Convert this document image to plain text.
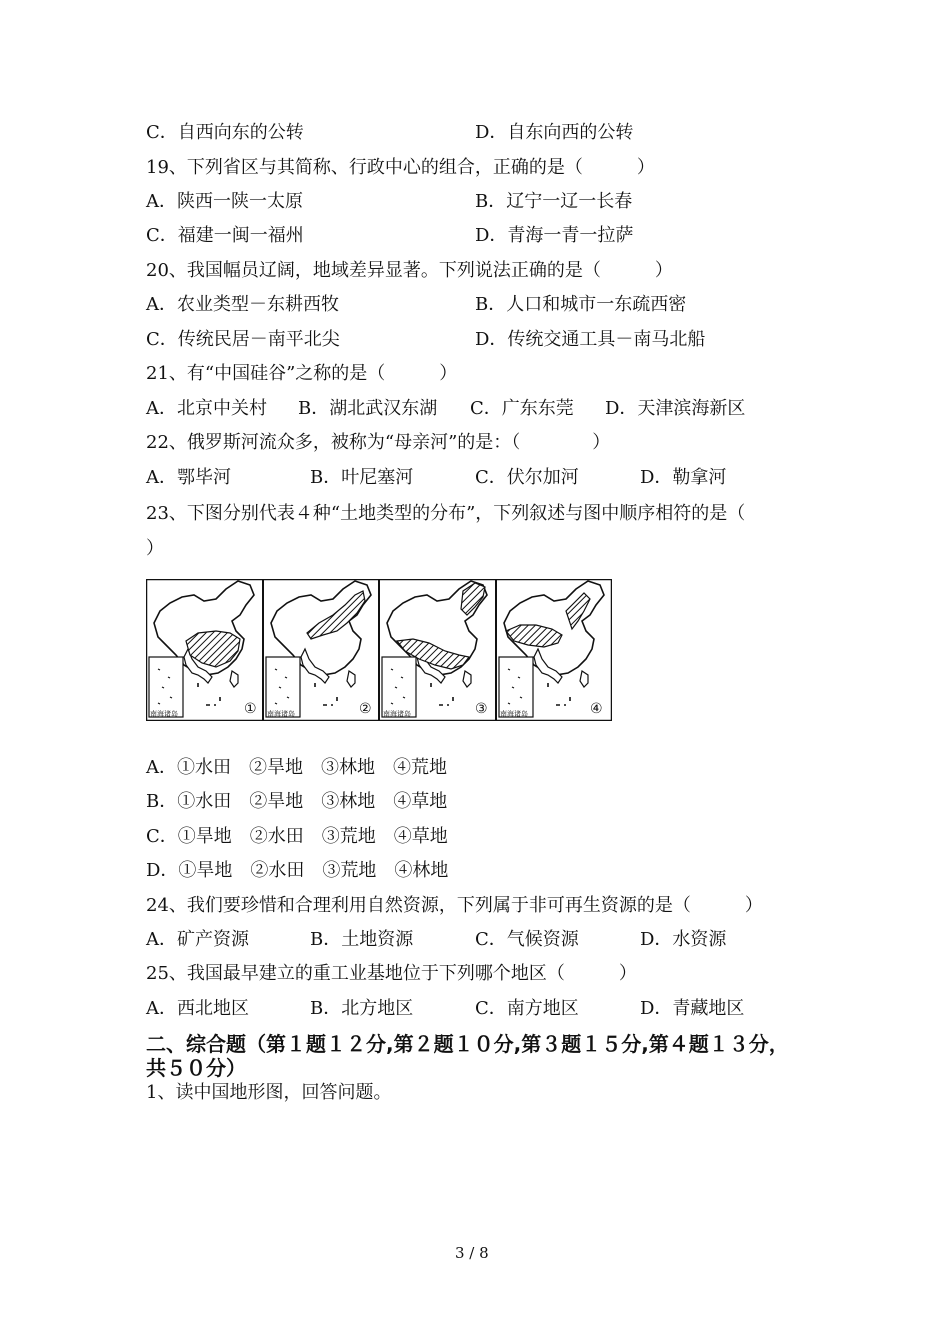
C．自西向东的公转	D．自东向西的公转
19、下列省区与其简称、行政中心的组合，正确的是（　　　）
A．陕西一陕一太原	B．辽宁一辽一长春
C．福建一闽一福州	D．青海一青一拉萨
20、我国幅员辽阔，地域差异显著。下列说法正确的是（　　　）
A．农业类型－东耕西牧	B．人口和城市一东疏西密
C．传统民居－南平北尖	D．传统交通工具－南马北船
21、有“中国硅谷”之称的是（　　　）
A．北京中关村 B．湖北武汉东湖 C．广东东莞 D．天津滨海新区
22、俄罗斯河流众多，被称为“母亲河”的是：（　　　　）
A．鄂毕河	B．叶尼塞河	C．伏尔加河	D．勒拿河
23、下图分别代表４种“土地类型的分布”，下列叙述与图中顺序相符的是（
）
南海诸岛	南海诸岛	南海诸岛	南海诸岛
①	②	③	④
A．①水田　②旱地　③林地　④荒地
B．①水田　②旱地　③林地　④草地
C．①旱地　②水田　③荒地　④草地
D．①旱地　②水田　③荒地　④林地
24、我们要珍惜和合理利用自然资源，下列属于非可再生资源的是（　　　）
A．矿产资源	B．土地资源	C．气候资源	D．水资源
25、我国最早建立的重工业基地位于下列哪个地区（　　　）
A．西北地区	B．北方地区	C．南方地区	D．青藏地区
二、综合题（第１题１２分,第２题１０分,第３题１５分,第４题１３分，
共５０分）
1、读中国地形图，回答问题。
3 / 8
